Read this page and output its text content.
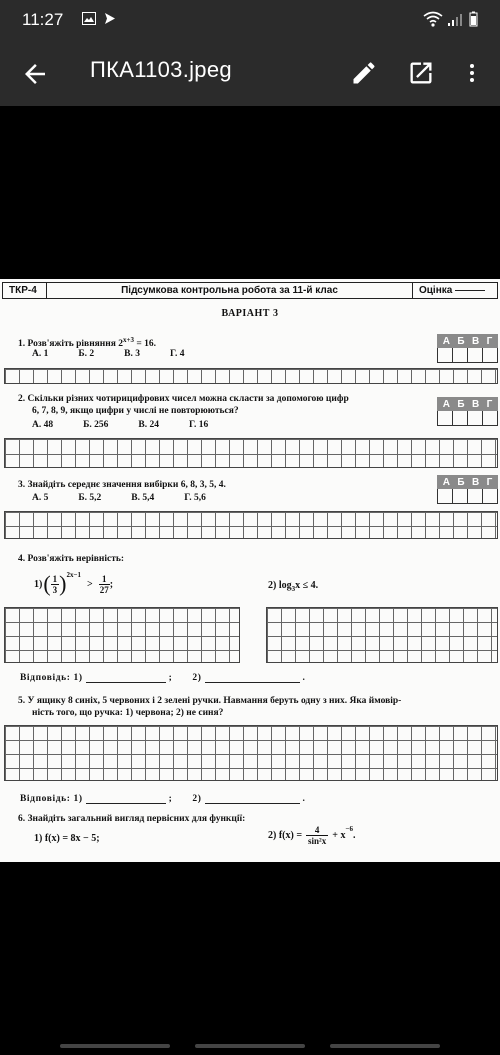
11:27
ПКА1103.jpeg
ТКР-4	Підсумкова контрольна робота за 11-й клас	Оцінка
ВАРІАНТ 3
1. Розв'яжіть рівняння $2^{x+3} = 16$.
А. 1	Б. 2	В. 3	Г. 4
А Б В Г
2. Скільки різних чотирицифрових чисел можна скласти за допомогою цифр
6, 7, 8, 9, якщо цифри у числі не повторюються?
А. 48	Б. 256	В. 24	Г. 16
А Б В Г
3. Знайдіть середнє значення вибірки 6, 8, 3, 5, 4.
А. 5	Б. 5,2	В. 5,4	Г. 5,6
А Б В Г
4. Розв'яжіть нерівність:
1) ( 1
3 )$^{2x-1}$
> 1
27 ;	2) $\log_3x \le 4$.
Відповідь: 1)	; 2)	.
5. У ящику 8 синіх, 5 червоних і 2 зелені ручки. Навмання беруть одну з них. Яка ймовір-
ність того, що ручка: 1) червона; 2) не синя?
Відповідь: 1)	; 2)	.
6. Знайдіть загальний вигляд первісних для функції:
1) f(x) = 8x − 5;	2) $f(x) = \frac{4}{\text{sin²x}} + x$
$^{-6}$
.
